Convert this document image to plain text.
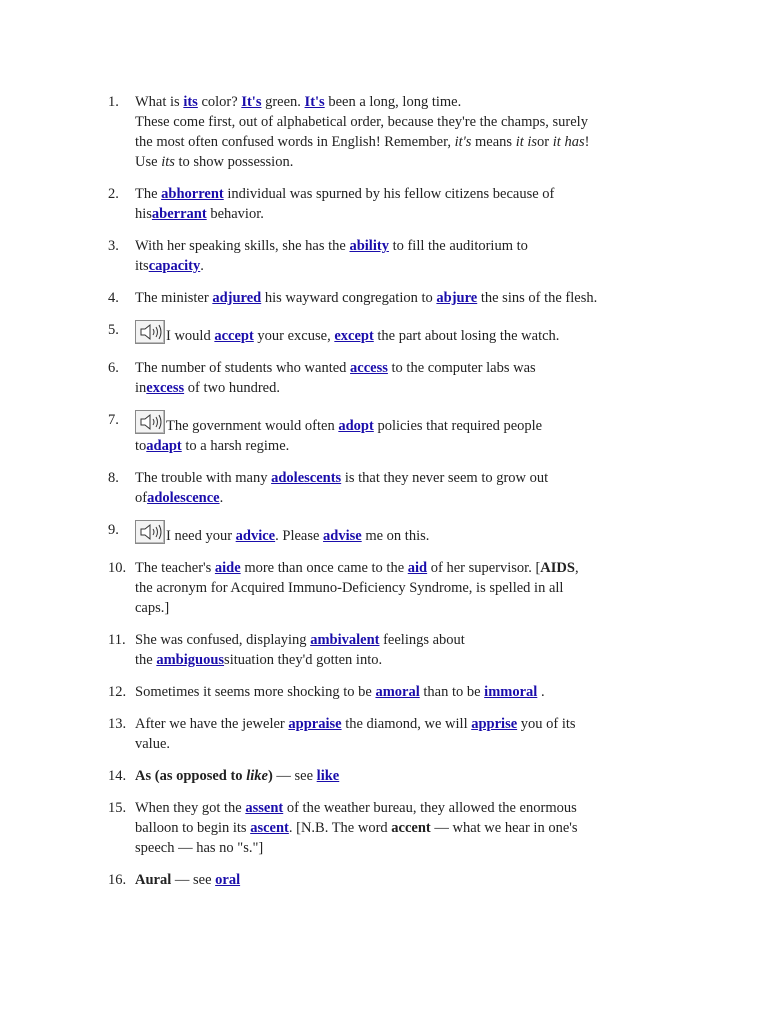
1.	What is its color? It's green. It's been a long, long time.
These come first, out of alphabetical order, because they're the champs, surely
the most often confused words in English! Remember, it's means it isor it has!
Use its to show possession.
2.	The abhorrent individual was spurned by his fellow citizens because of
hisaberrant behavior.
3.	With her speaking skills, she has the ability to fill the auditorium to
itscapacity.
4.	The minister adjured his wayward congregation to abjure the sins of the flesh.
5.	I would accept your excuse, except the part about losing the watch.
6.	The number of students who wanted access to the computer labs was
inexcess of two hundred.
7.	The government would often adopt policies that required people
toadapt to a harsh regime.
8.	The trouble with many adolescents is that they never seem to grow out
ofadolescence.
9.	I need your advice. Please advise me on this.
10. The teacher's aide more than once came to the aid of her supervisor. [AIDS,
the acronym for Acquired Immuno-Deficiency Syndrome, is spelled in all
caps.]
11. She was confused, displaying ambivalent feelings about
the ambiguoussituation they'd gotten into.
12. Sometimes it seems more shocking to be amoral than to be immoral .
13. After we have the jeweler appraise the diamond, we will apprise you of its
value.
14. As (as opposed to like) — see like
15. When they got the assent of the weather bureau, they allowed the enormous
balloon to begin its ascent. [N.B. The word accent — what we hear in one's
speech — has no "s."]
16. Aural — see oral
